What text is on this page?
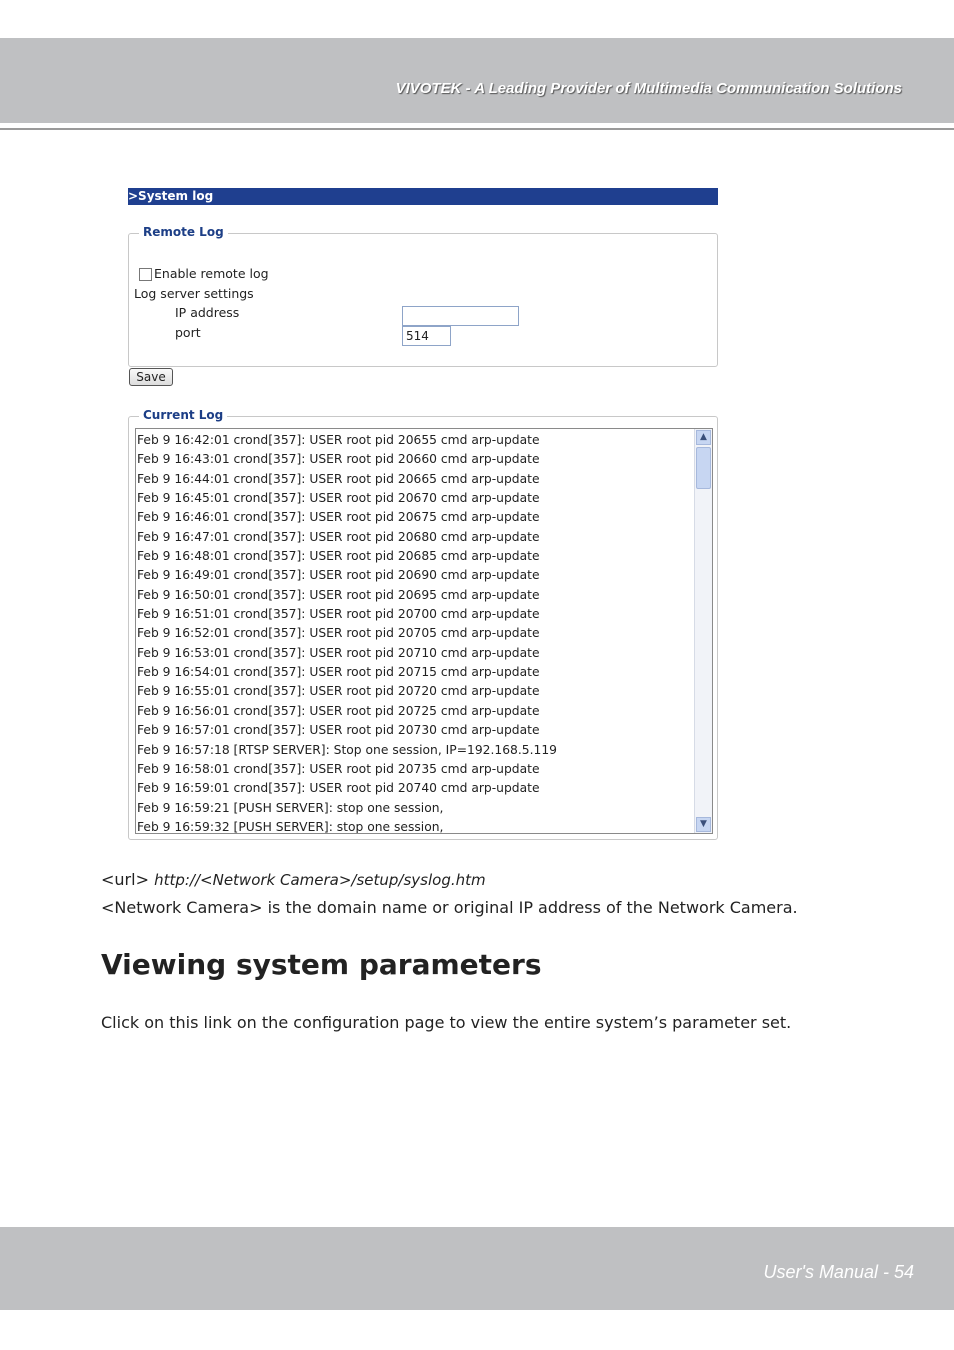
VIVOTEK - A Leading Provider of Multimedia Communication Solutions
>System log
Remote Log
Enable remote log
Log server settings
IP address
port	514
Save
Current Log
Feb 9 16:42:01 crond[357]: USER root pid 20655 cmd arp-update
Feb 9 16:43:01 crond[357]: USER root pid 20660 cmd arp-update
Feb 9 16:44:01 crond[357]: USER root pid 20665 cmd arp-update
Feb 9 16:45:01 crond[357]: USER root pid 20670 cmd arp-update
Feb 9 16:46:01 crond[357]: USER root pid 20675 cmd arp-update
Feb 9 16:47:01 crond[357]: USER root pid 20680 cmd arp-update
Feb 9 16:48:01 crond[357]: USER root pid 20685 cmd arp-update
Feb 9 16:49:01 crond[357]: USER root pid 20690 cmd arp-update
Feb 9 16:50:01 crond[357]: USER root pid 20695 cmd arp-update
Feb 9 16:51:01 crond[357]: USER root pid 20700 cmd arp-update
Feb 9 16:52:01 crond[357]: USER root pid 20705 cmd arp-update
Feb 9 16:53:01 crond[357]: USER root pid 20710 cmd arp-update
Feb 9 16:54:01 crond[357]: USER root pid 20715 cmd arp-update
Feb 9 16:55:01 crond[357]: USER root pid 20720 cmd arp-update
Feb 9 16:56:01 crond[357]: USER root pid 20725 cmd arp-update
Feb 9 16:57:01 crond[357]: USER root pid 20730 cmd arp-update
Feb 9 16:57:18 [RTSP SERVER]: Stop one session, IP=192.168.5.119
Feb 9 16:58:01 crond[357]: USER root pid 20735 cmd arp-update
Feb 9 16:59:01 crond[357]: USER root pid 20740 cmd arp-update
Feb 9 16:59:21 [PUSH SERVER]: stop one session,
Feb 9 16:59:32 [PUSH SERVER]: stop one session,
▲
▼
<url> http://<Network Camera>/setup/syslog.htm
<Network Camera> is the domain name or original IP address of the Network Camera.
Viewing system parameters
Click on this link on the configuration page to view the entire system’s parameter set.
User's Manual - 54
